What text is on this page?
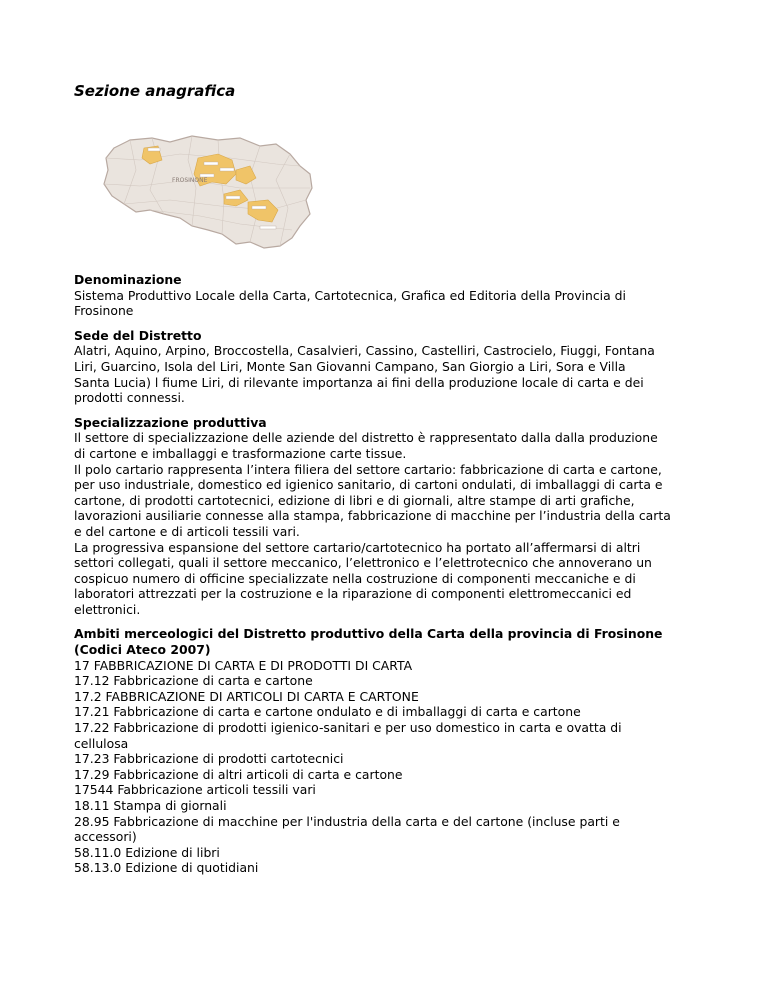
Sezione anagrafica
FROSINONE
Denominazione
Sistema Produttivo Locale della Carta, Cartotecnica, Grafica ed Editoria della Provincia di
Frosinone
Sede del Distretto
Alatri, Aquino, Arpino, Broccostella, Casalvieri, Cassino, Castelliri, Castrocielo, Fiuggi, Fontana
Liri, Guarcino, Isola del Liri, Monte San Giovanni Campano, San Giorgio a Liri, Sora e Villa
Santa Lucia) l fiume Liri, di rilevante importanza ai fini della produzione locale di carta e dei
prodotti connessi.
Specializzazione produttiva
Il settore di specializzazione delle aziende del distretto è rappresentato dalla dalla produzione
di cartone e imballaggi e trasformazione carte tissue.
Il polo cartario rappresenta l’intera filiera del settore cartario: fabbricazione di carta e cartone,
per uso industriale, domestico ed igienico sanitario, di cartoni ondulati, di imballaggi di carta e
cartone, di prodotti cartotecnici, edizione di libri e di giornali, altre stampe di arti grafiche,
lavorazioni ausiliarie connesse alla stampa, fabbricazione di macchine per l’industria della carta
e del cartone e di articoli tessili vari.
La progressiva espansione del settore cartario/cartotecnico ha portato all’affermarsi di altri
settori collegati, quali il settore meccanico, l’elettronico e l’elettrotecnico che annoverano un
cospicuo numero di officine specializzate nella costruzione di componenti meccaniche e di
laboratori attrezzati per la costruzione e la riparazione di componenti elettromeccanici ed
elettronici.
Ambiti merceologici del Distretto produttivo della Carta della provincia di Frosinone
(Codici Ateco 2007)
17 FABBRICAZIONE DI CARTA E DI PRODOTTI DI CARTA
17.12 Fabbricazione di carta e cartone
17.2 FABBRICAZIONE DI ARTICOLI DI CARTA E CARTONE
17.21 Fabbricazione di carta e cartone ondulato e di imballaggi di carta e cartone
17.22 Fabbricazione di prodotti igienico-sanitari e per uso domestico in carta e ovatta di
cellulosa
17.23 Fabbricazione di prodotti cartotecnici
17.29 Fabbricazione di altri articoli di carta e cartone
17544 Fabbricazione articoli tessili vari
18.11 Stampa di giornali
28.95 Fabbricazione di macchine per l'industria della carta e del cartone (incluse parti e
accessori)
58.11.0 Edizione di libri
58.13.0 Edizione di quotidiani
